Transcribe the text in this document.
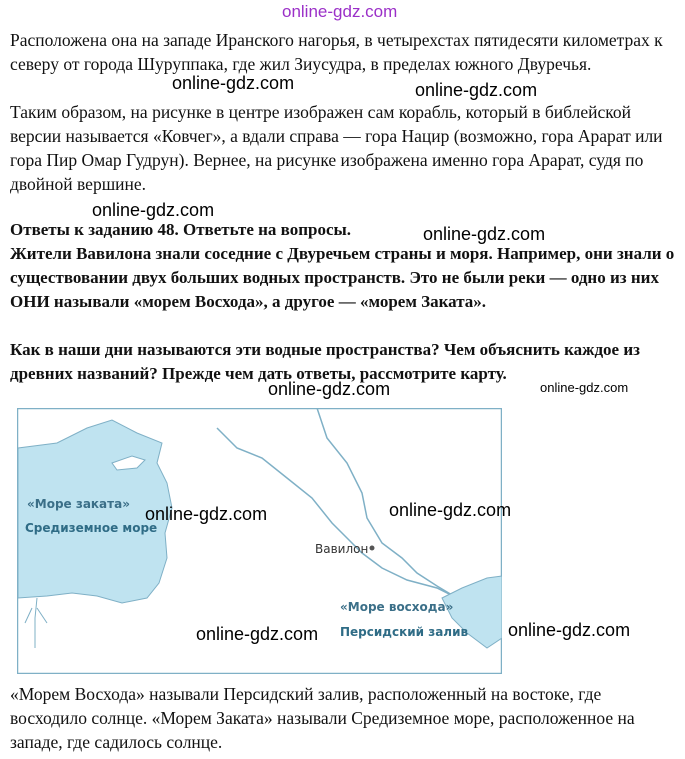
online-gdz.com

Расположена она на западе Иранского нагорья, в четырехстах пятидесяти километрах к северу от города Шуруппака, где жил Зиусудра, в пределах южного Двуречья.

Таким образом, на рисунке в центре изображен сам корабль, который в библейской версии называется «Ковчег», а вдали справа — гора Нацир (возможно, гора Арарат или гора Пир Омар Гудрун). Вернее, на рисунке изображена именно гора Арарат, судя по двойной вершине.

Ответы к заданию 48. Ответьте на вопросы.

Жители Вавилона знали соседние с Двуречьем страны и моря. Например, они знали о существовании двух больших водных пространств. Это не были реки — одно из них ОНИ называли «морем Восхода», а другое — «морем Заката».

Как в наши дни называются эти водные пространства? Чем объяснить каждое из древних названий? Прежде чем дать ответы, рассмотрите карту.

«Море заката»
Средиземное море
Вавилон
«Море восхода»
Персидский залив

«Морем Восхода» называли Персидский залив, расположенный на востоке, где восходило солнце. «Морем Заката» называли Средиземное море, расположенное на западе, где садилось солнце.

online-gdz.com	online-gdz.com
online-gdz.com
online-gdz.com
online-gdz.com	online-gdz.com
online-gdz.com	online-gdz.com
online-gdz.com	online-gdz.com
